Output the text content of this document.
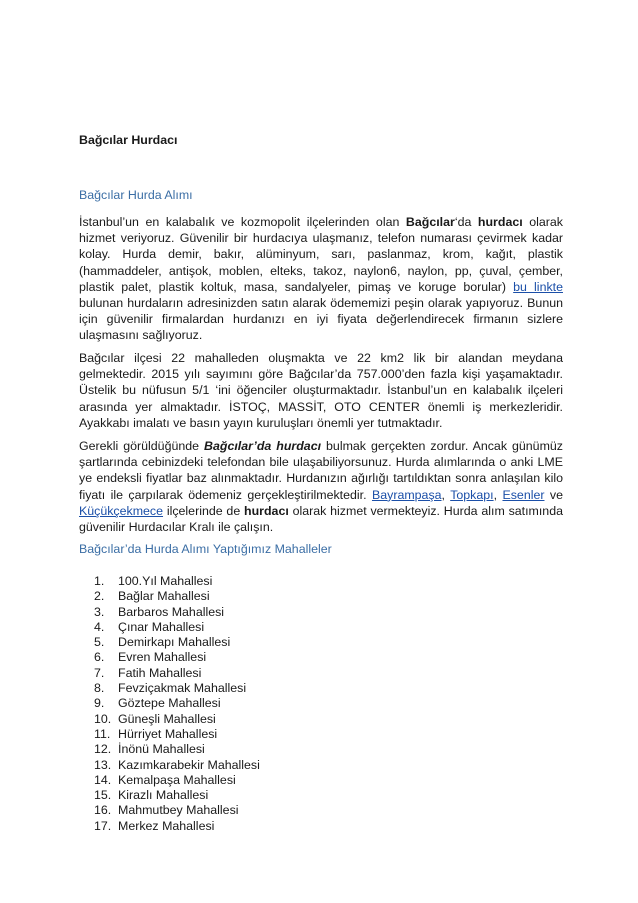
Bağcılar Hurdacı
Bağcılar Hurda Alımı

İstanbul’un en kalabalık ve kozmopolit ilçelerinden olan Bağcılar‘da hurdacı olarak hizmet veriyoruz. Güvenilir bir hurdacıya ulaşmanız, telefon numarası çevirmek kadar kolay. Hurda demir, bakır, alüminyum, sarı, paslanmaz, krom, kağıt, plastik (hammaddeler, antişok, moblen, elteks, takoz, naylon6, naylon, pp, çuval, çember, plastik palet, plastik koltuk, masa, sandalyeler, pimaş ve koruge borular) bu linkte bulunan hurdaların adresinizden satın alarak ödememizi peşin olarak yapıyoruz. Bunun için güvenilir firmalardan hurdanızı en iyi fiyata değerlendirecek firmanın sizlere ulaşmasını sağlıyoruz.

Bağcılar ilçesi 22 mahalleden oluşmakta ve 22 km2 lik bir alandan meydana gelmektedir. 2015 yılı sayımını göre Bağcılar’da 757.000’den fazla kişi yaşamaktadır. Üstelik bu nüfusun 5/1 ‘ini öğenciler oluşturmaktadır. İstanbul’un en kalabalık ilçeleri arasında yer almaktadır. İSTOÇ, MASSİT, OTO CENTER önemli iş merkezleridir. Ayakkabı imalatı ve basın yayın kuruluşları önemli yer tutmaktadır.

Gerekli görüldüğünde Bağcılar’da hurdacı bulmak gerçekten zordur. Ancak günümüz şartlarında cebinizdeki telefondan bile ulaşabiliyorsunuz. Hurda alımlarında o anki LME ye endeksli fiyatlar baz alınmaktadır. Hurdanızın ağırlığı tartıldıktan sonra anlaşılan kilo fiyatı ile çarpılarak ödemeniz gerçekleştirilmektedir. Bayrampaşa, Topkapı, Esenler ve Küçükçekmece ilçelerinde de hurdacı olarak hizmet vermekteyiz. Hurda alım satımında güvenilir Hurdacılar Kralı ile çalışın.

Bağcılar’da Hurda Alımı Yaptığımız Mahalleler
1.	100.Yıl Mahallesi
2.	Bağlar Mahallesi
3.	Barbaros Mahallesi
4.	Çınar Mahallesi
5.	Demirkapı Mahallesi
6.	Evren Mahallesi
7.	Fatih Mahallesi
8.	Fevziçakmak Mahallesi
9.	Göztepe Mahallesi
10. Güneşli Mahallesi
11. Hürriyet Mahallesi
12. İnönü Mahallesi
13. Kazımkarabekir Mahallesi
14. Kemalpaşa Mahallesi
15. Kirazlı Mahallesi
16. Mahmutbey Mahallesi
17. Merkez Mahallesi
